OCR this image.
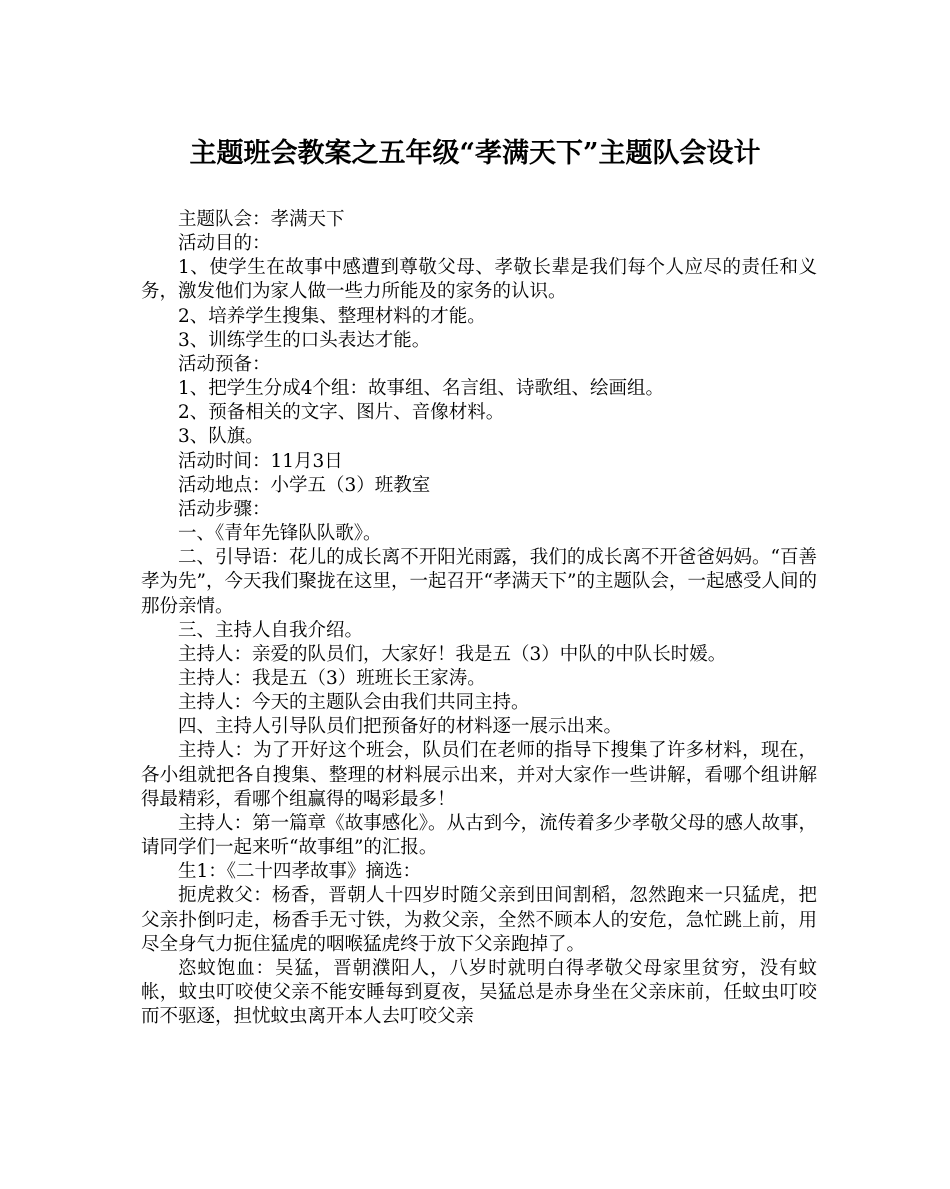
主题班会教案之五年级“孝满天下”主题队会设计

主题队会：孝满天下

活动目的：

1、使学生在故事中感遭到尊敬父母、孝敬长辈是我们每个人应尽的责任和义务，激发他们为家人做一些力所能及的家务的认识。

2、培养学生搜集、整理材料的才能。

3、训练学生的口头表达才能。

活动预备：

1、把学生分成4个组：故事组、名言组、诗歌组、绘画组。

2、预备相关的文字、图片、音像材料。

3、队旗。

活动时间：11月3日

活动地点：小学五（3）班教室

活动步骤：

一、《青年先锋队队歌》。

二、引导语：花儿的成长离不开阳光雨露，我们的成长离不开爸爸妈妈。“百善孝为先”，今天我们聚拢在这里，一起召开“孝满天下”的主题队会，一起感受人间的那份亲情。

三、主持人自我介绍。

主持人：亲爱的队员们，大家好！我是五（3）中队的中队长时媛。

主持人：我是五（3）班班长王家涛。

主持人：今天的主题队会由我们共同主持。

四、主持人引导队员们把预备好的材料逐一展示出来。

主持人：为了开好这个班会，队员们在老师的指导下搜集了许多材料，现在，各小组就把各自搜集、整理的材料展示出来，并对大家作一些讲解，看哪个组讲解得最精彩，看哪个组赢得的喝彩最多！

主持人：第一篇章《故事感化》。从古到今，流传着多少孝敬父母的感人故事，请同学们一起来听“故事组”的汇报。

生1：《二十四孝故事》摘选：

扼虎救父：杨香，晋朝人十四岁时随父亲到田间割稻，忽然跑来一只猛虎，把父亲扑倒叼走，杨香手无寸铁，为救父亲，全然不顾本人的安危，急忙跳上前，用尽全身气力扼住猛虎的咽喉猛虎终于放下父亲跑掉了。

恣蚊饱血：吴猛，晋朝濮阳人，八岁时就明白得孝敬父母家里贫穷，没有蚊帐，蚊虫叮咬使父亲不能安睡每到夏夜，吴猛总是赤身坐在父亲床前，任蚊虫叮咬而不驱逐，担忧蚊虫离开本人去叮咬父亲
